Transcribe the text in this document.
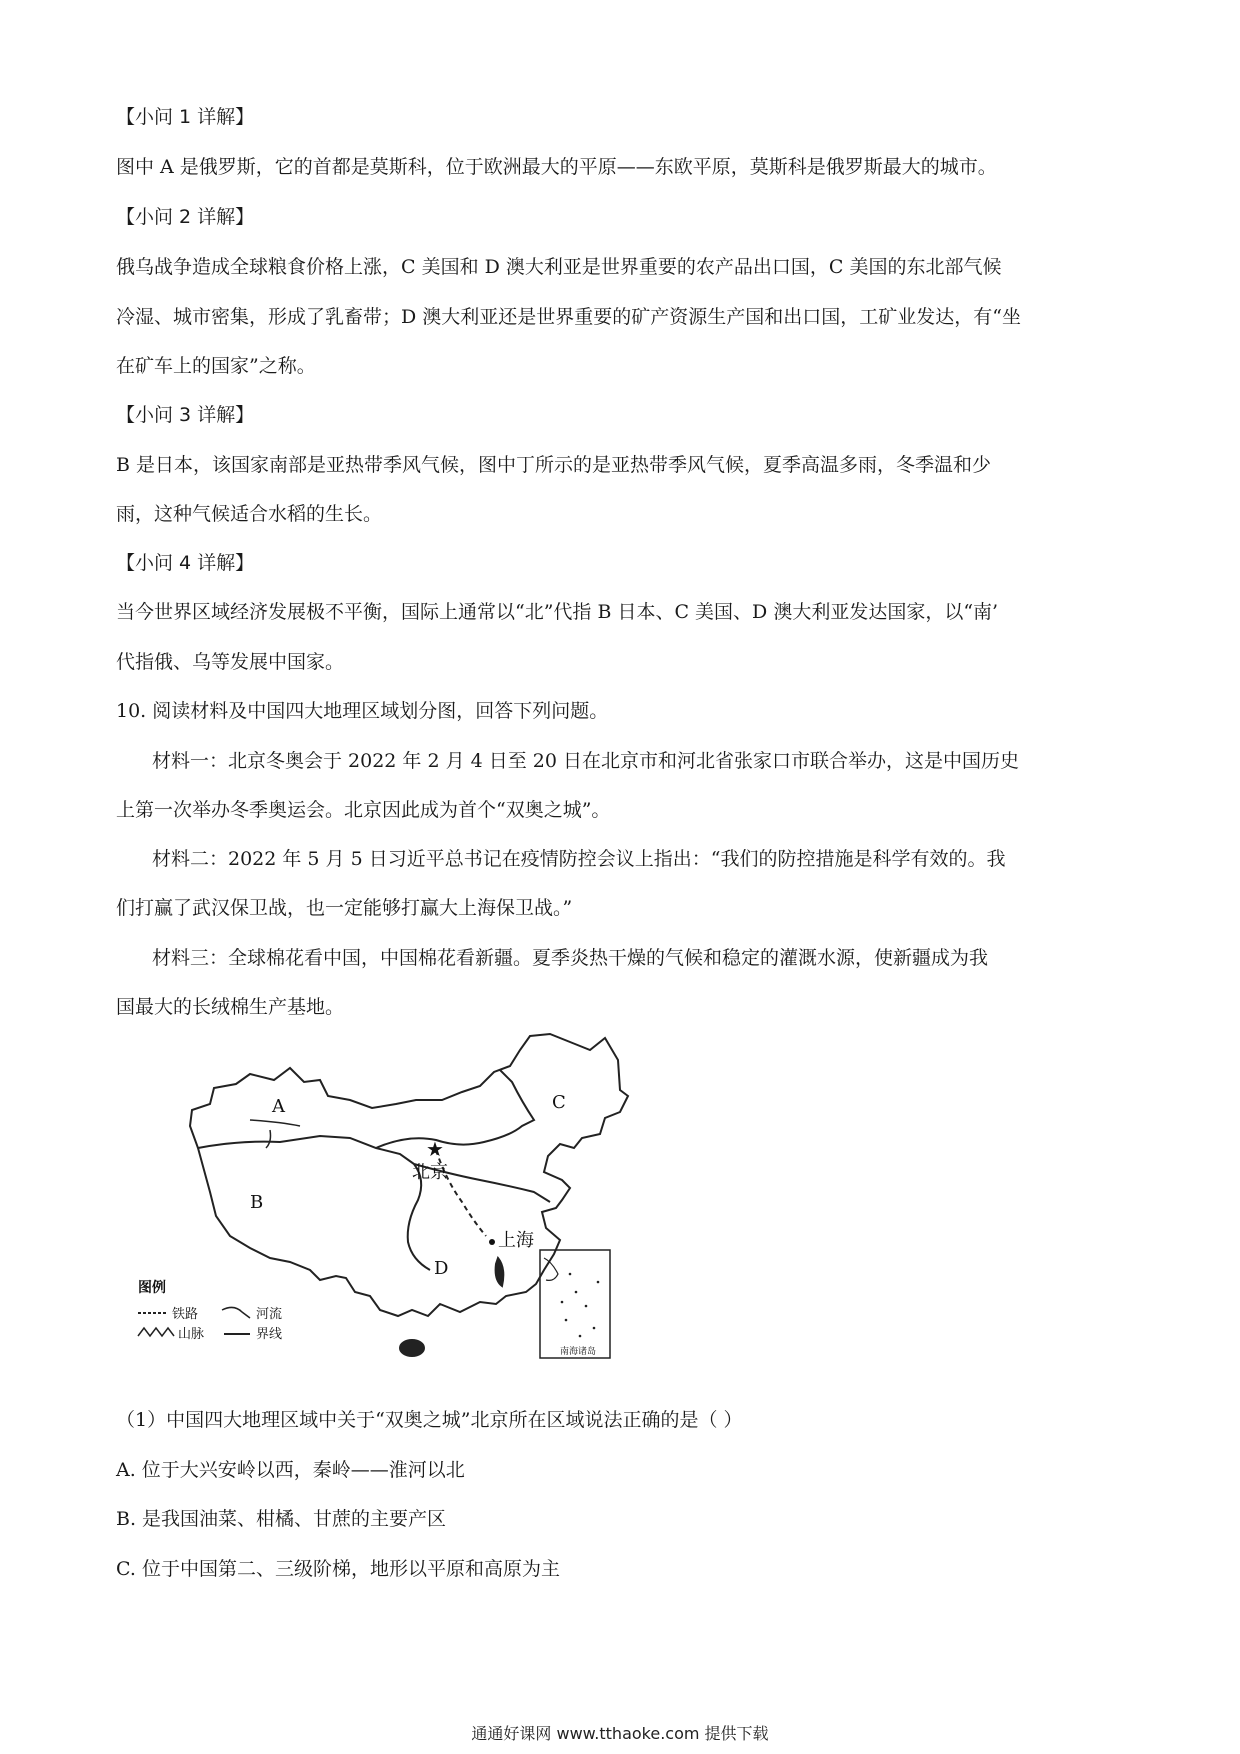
【小问 1 详解】
图中 A 是俄罗斯，它的首都是莫斯科，位于欧洲最大的平原——东欧平原，莫斯科是俄罗斯最大的城市。
【小问 2 详解】
俄乌战争造成全球粮食价格上涨，C 美国和 D 澳大利亚是世界重要的农产品出口国，C 美国的东北部气候
冷湿、城市密集，形成了乳畜带；D 澳大利亚还是世界重要的矿产资源生产国和出口国，工矿业发达，有“坐
在矿车上的国家”之称。
【小问 3 详解】
B 是日本，该国家南部是亚热带季风气候，图中丁所示的是亚热带季风气候，夏季高温多雨，冬季温和少
雨，这种气候适合水稻的生长。
【小问 4 详解】
当今世界区域经济发展极不平衡，国际上通常以“北”代指 B 日本、C 美国、D 澳大利亚发达国家，以“南’
代指俄、乌等发展中国家。
10. 阅读材料及中国四大地理区域划分图，回答下列问题。
材料一：北京冬奥会于 2022 年 2 月 4 日至 20 日在北京市和河北省张家口市联合举办，这是中国历史
上第一次举办冬季奥运会。北京因此成为首个“双奥之城”。
材料二：2022 年 5 月 5 日习近平总书记在疫情防控会议上指出：“我们的防控措施是科学有效的。我
们打赢了武汉保卫战，也一定能够打赢大上海保卫战。”
材料三：全球棉花看中国，中国棉花看新疆。夏季炎热干燥的气候和稳定的灌溉水源，使新疆成为我
国最大的长绒棉生产基地。
★
A
B
C
D
北京
上海
图例
铁路	河流
山脉	界线
南海诸岛
（1）中国四大地理区域中关于“双奥之城”北京所在区域说法正确的是（ ）
A. 位于大兴安岭以西，秦岭——淮河以北
B. 是我国油菜、柑橘、甘蔗的主要产区
C. 位于中国第二、三级阶梯，地形以平原和高原为主
通通好课网 www.tthaoke.com 提供下载
